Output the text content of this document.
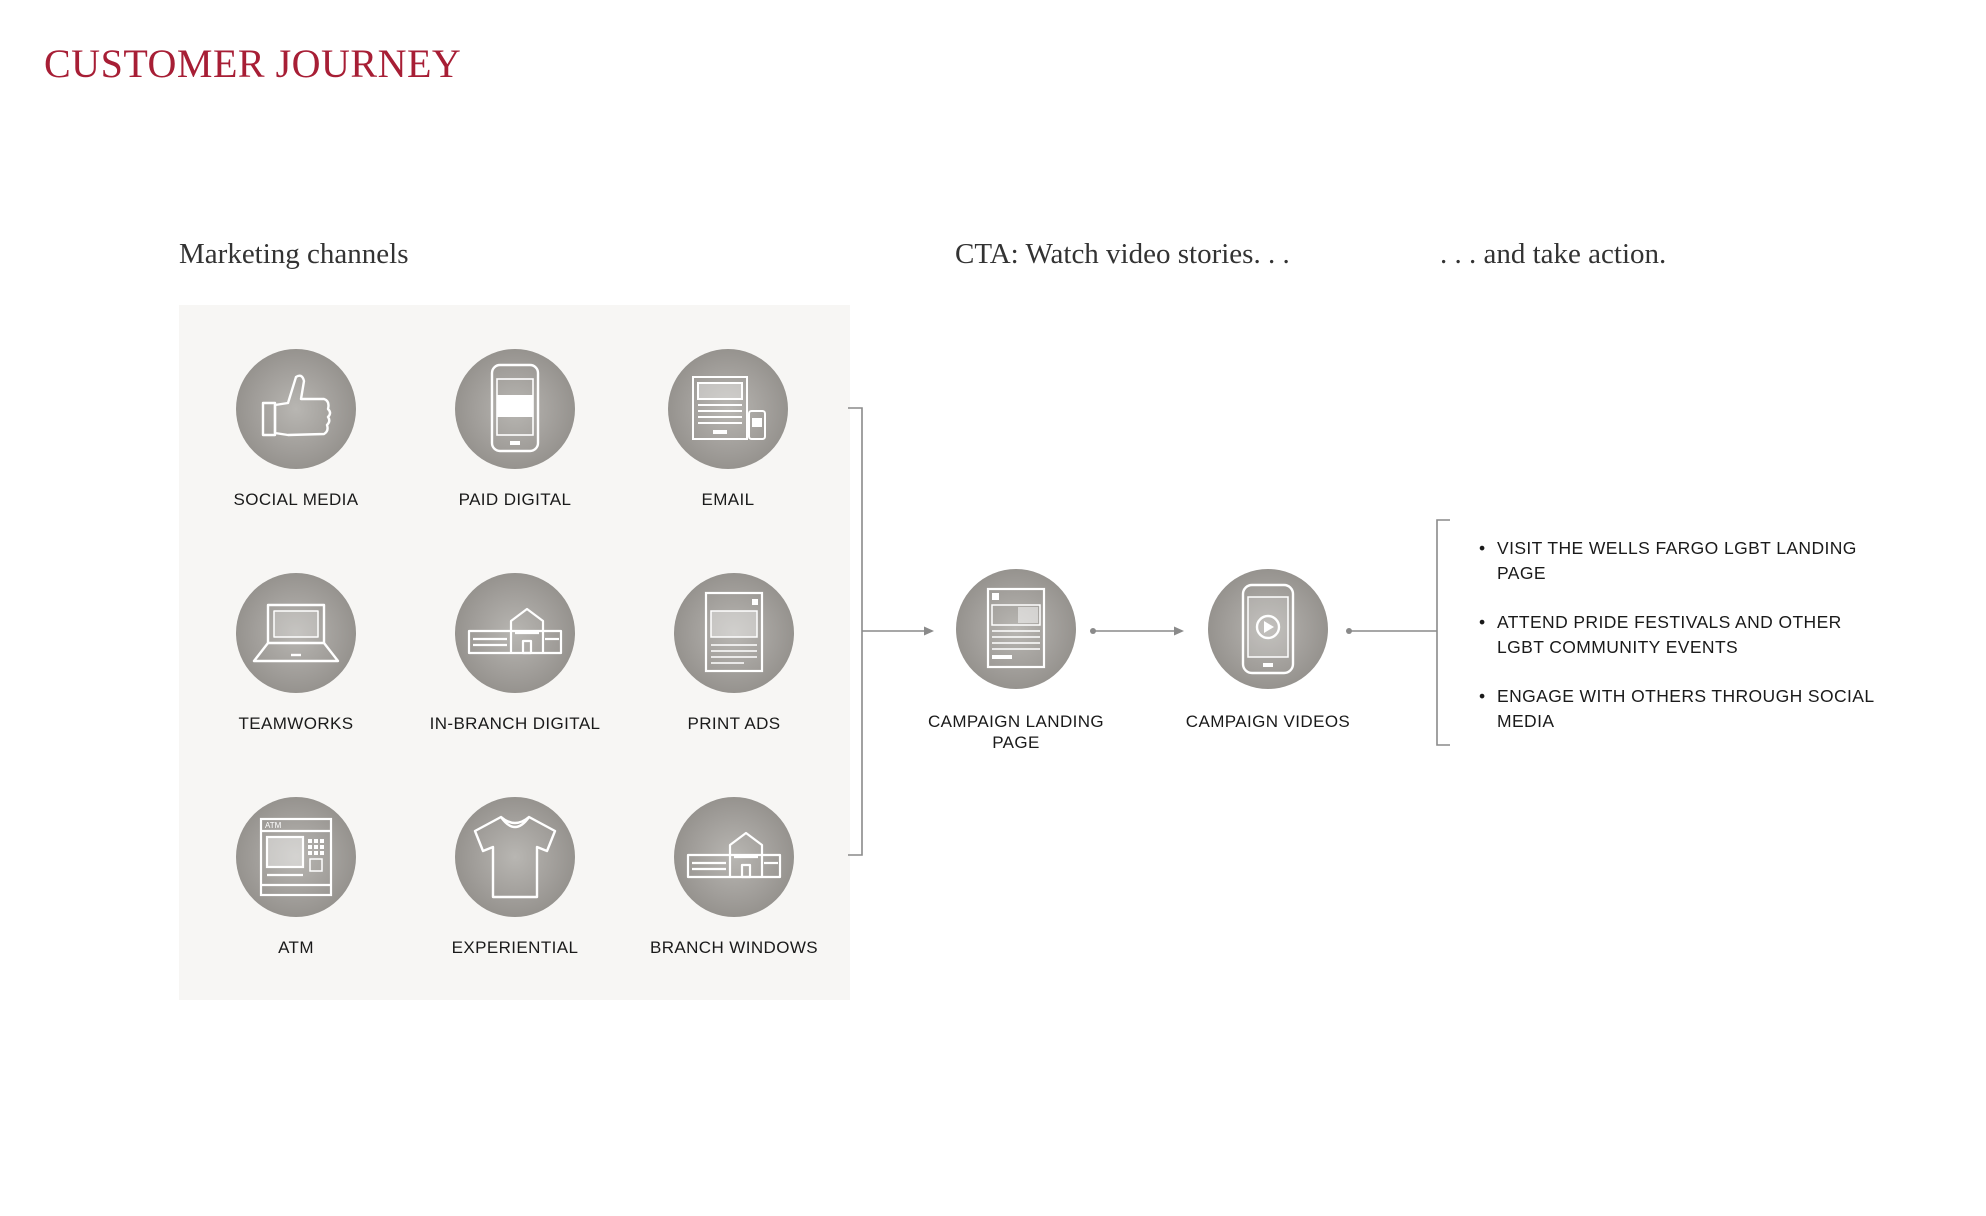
CUSTOMER JOURNEY
Marketing channels	CTA: Watch video stories. . .	. . . and take action.
SOCIAL MEDIA	PAID DIGITAL	EMAIL
TEAMWORKS	IN-BRANCH DIGITAL	PRINT ADS
ATM
ATM	EXPERIENTIAL	BRANCH WINDOWS
CAMPAIGN LANDING PAGE
CAMPAIGN VIDEOS
• VISIT THE WELLS FARGO LGBT LANDING PAGE
• ATTEND PRIDE FESTIVALS AND OTHER LGBT COMMUNITY EVENTS
• ENGAGE WITH OTHERS THROUGH SOCIAL MEDIA
